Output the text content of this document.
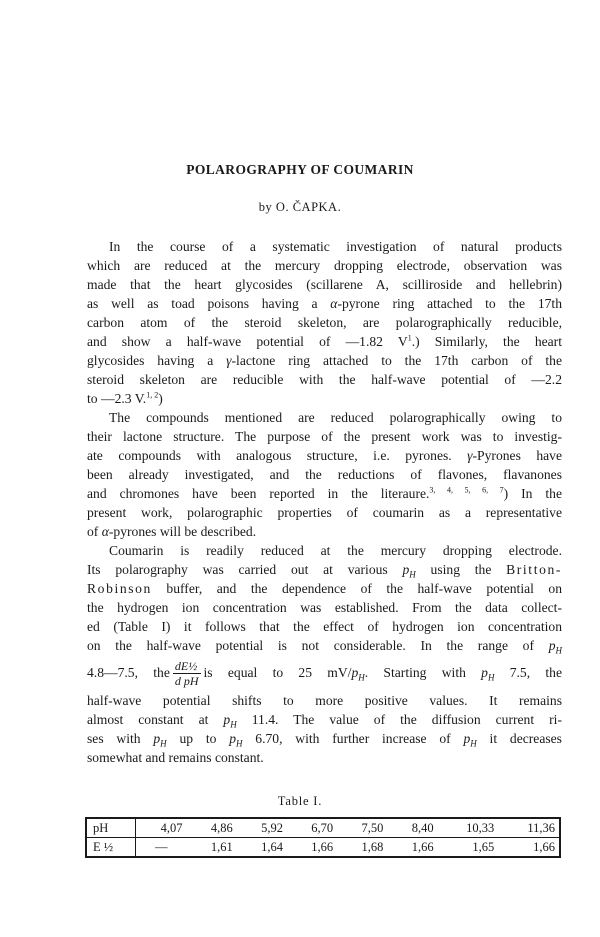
POLAROGRAPHY OF COUMARIN
by O. ČAPKA.
In the course of a systematic investigation of natural products
which are reduced at the mercury dropping electrode, observation was
made that the heart glycosides (scillarene A, scilliroside and hellebrin)
as well as toad poisons having a α-pyrone ring attached to the 17th
carbon atom of the steroid skeleton, are polarographically reducible,
and show a half-wave potential of —1.82 $V^1$.) Similarly, the heart
glycosides having a γ-lactone ring attached to the 17th carbon of the
steroid skeleton are reducible with the half-wave potential of —2.2
to —2.3 V.$^{1, 2}$)
The compounds mentioned are reduced polarographically owing to
their lactone structure. The purpose of the present work was to investig-
ate compounds with analogous structure, i.e. pyrones. γ-Pyrones have
been already investigated, and the reductions of flavones, flavanones
and chromones have been reported in the literaure.$^{3, 4, 5, 6, 7}$) In the
present work, polarographic properties of coumarin as a representative
of α-pyrones will be described.
Coumarin is readily reduced at the mercury dropping electrode.
Its polarography was carried out at various $p_H$ using the Britton-
Robinson buffer, and the dependence of the half-wave potential on
the hydrogen ion concentration was established. From the data collect-
ed (Table I) it follows that the effect of hydrogen ion concentration
on the half-wave potential is not considerable. In the range of $p_H$
4.8—7.5, the $\frac{\text{dE½}}{\text{d pH}}$ is equal to 25 $mV/p_H$. Starting with $p_H$ 7.5, the
half-wave potential shifts to more positive values. It remains
almost constant at $p_H$ 11.4. The value of the diffusion current ri-
ses with $p_H$ up to $p_H$ 6.70, with further increase of $p_H$ it decreases
somewhat and remains constant.
Table I.
pH	4,07	4,86	5,92	6,70	7,50	8,40	10,33	11,36
E ½	—	1,61	1,64	1,66	1,68	1,66	1,65	1,66
